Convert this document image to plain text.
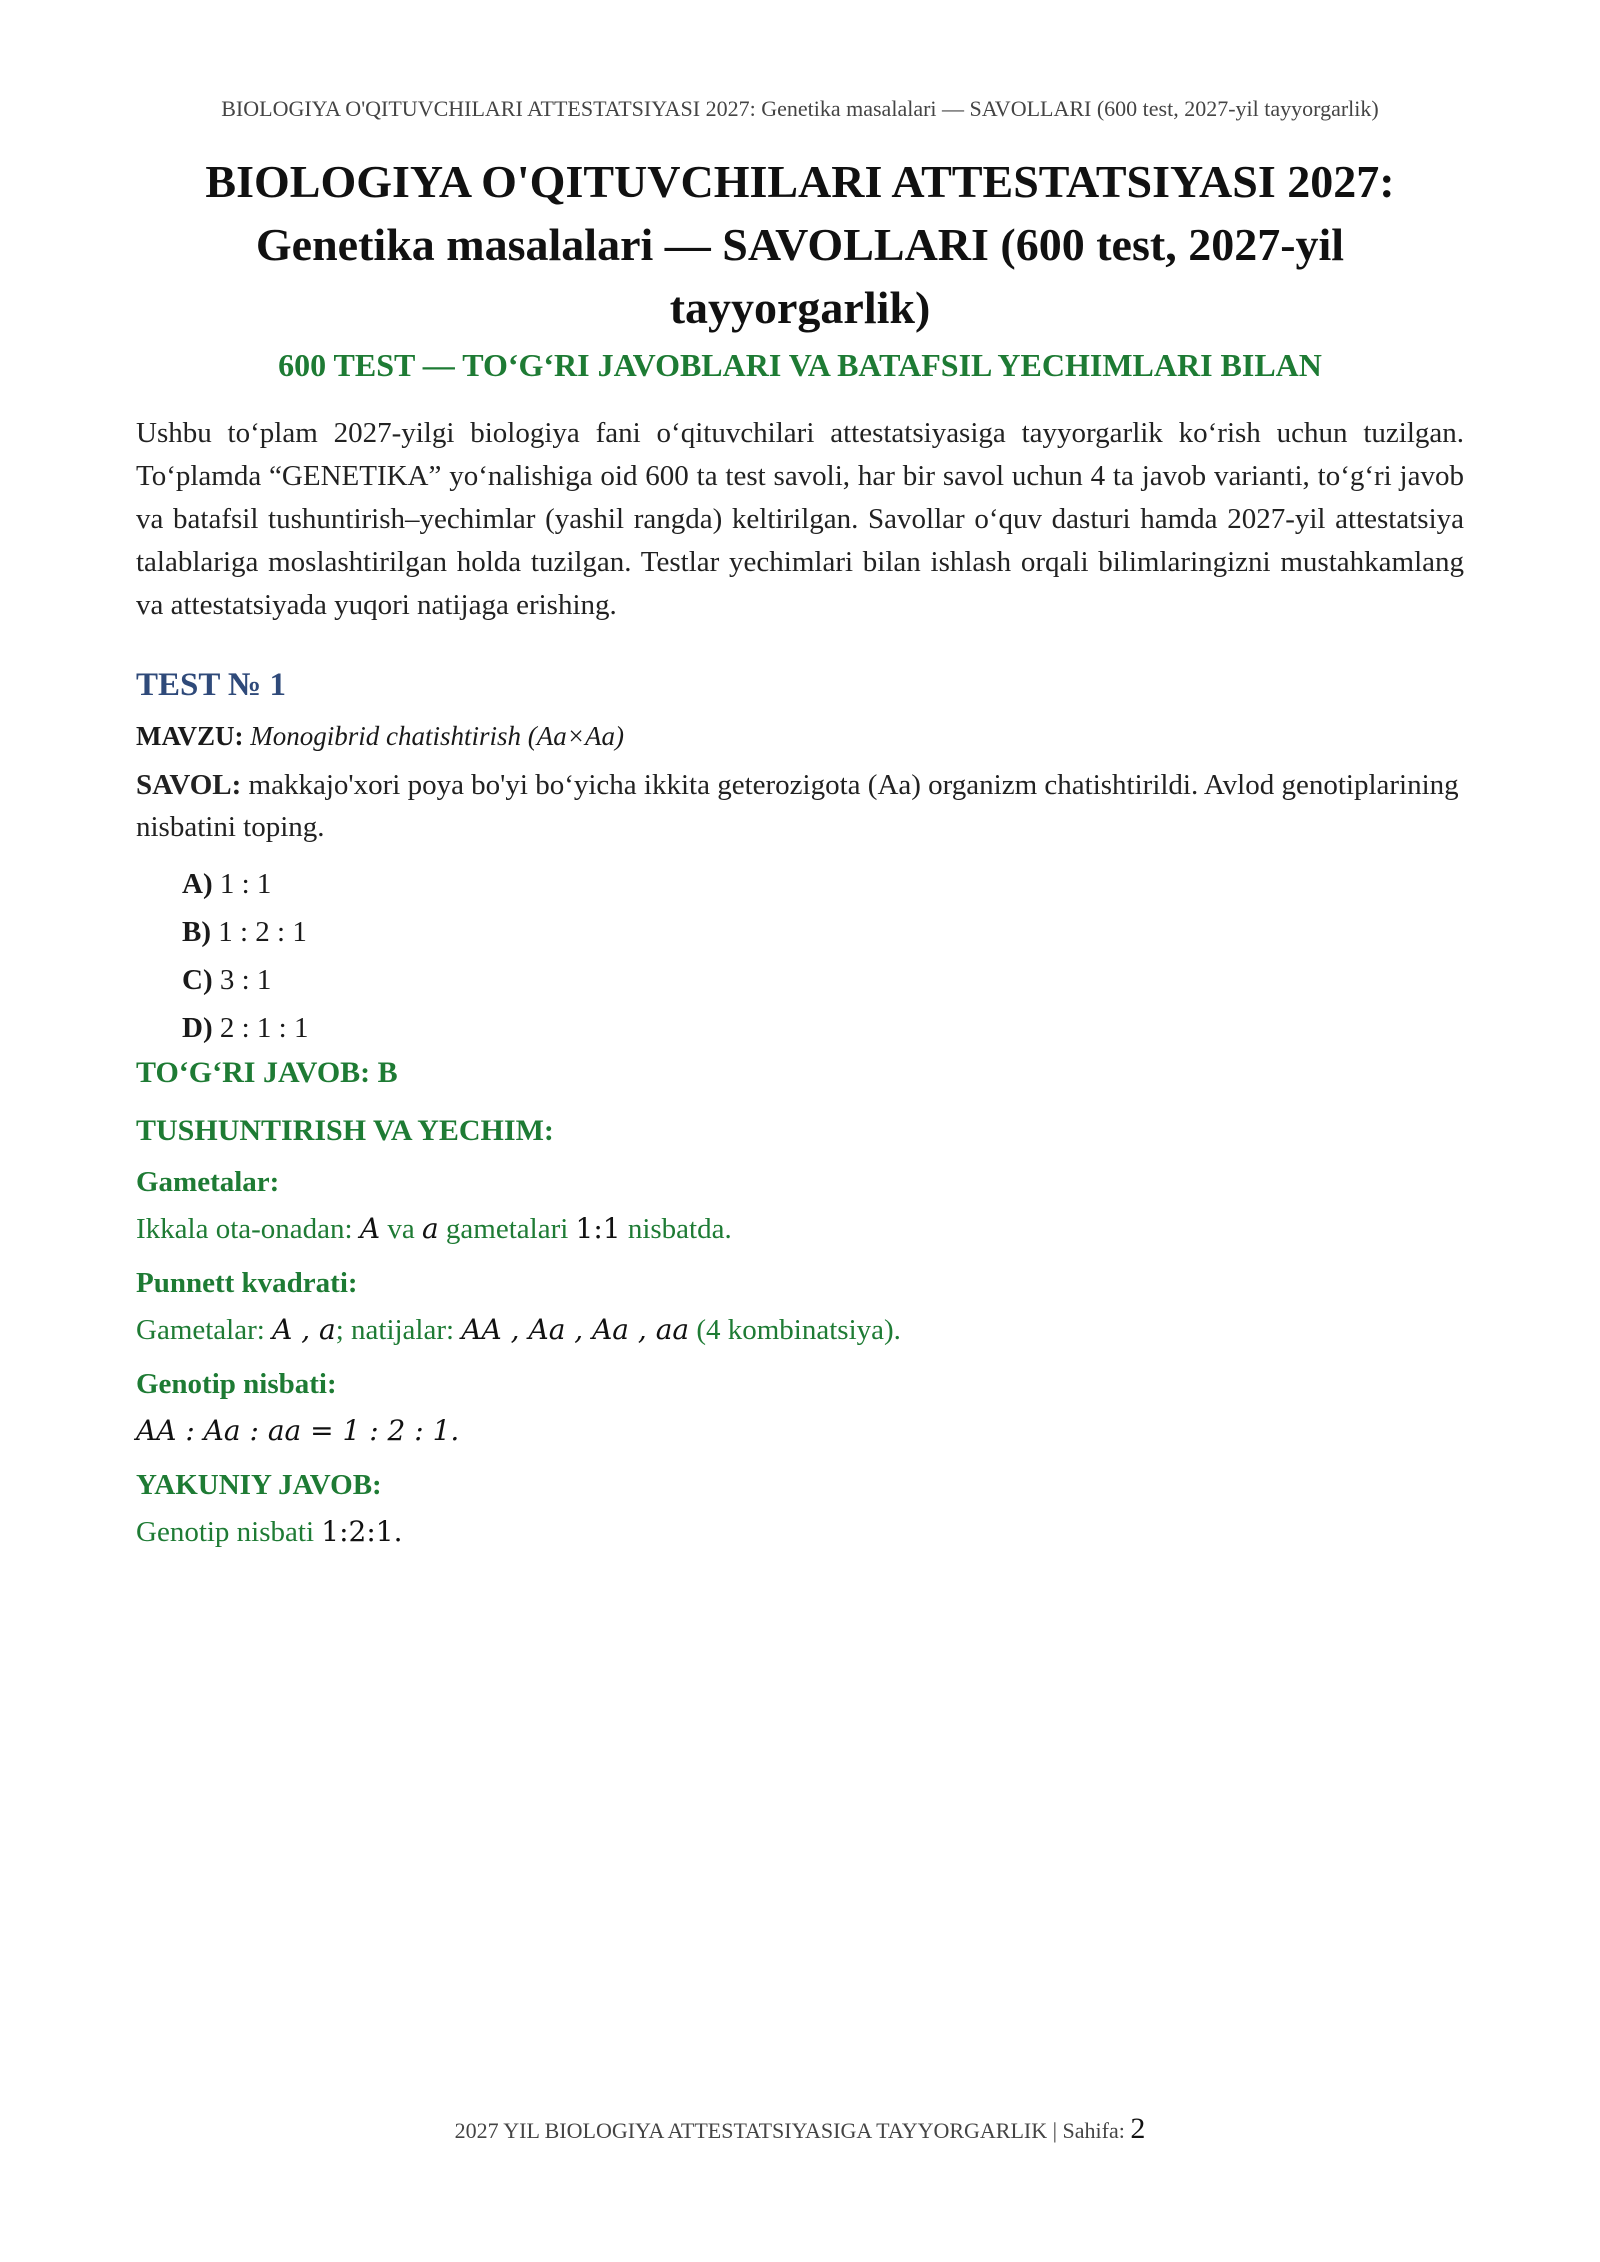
BIOLOGIYA O'QITUVCHILARI ATTESTATSIYASI 2027: Genetika masalalari — SAVOLLARI (600 test, 2027-yil tayyorgarlik)
BIOLOGIYA O'QITUVCHILARI ATTESTATSIYASI 2027:
Genetika masalalari — SAVOLLARI (600 test, 2027-yil
tayyorgarlik)
600 TEST — TO‘G‘RI JAVOBLARI VA BATAFSIL YECHIMLARI BILAN

Ushbu to‘plam 2027-yilgi biologiya fani o‘qituvchilari attestatsiyasiga tayyorgarlik ko‘rish uchun tuzilgan. To‘plamda “GENETIKA” yo‘nalishiga oid 600 ta test savoli, har bir savol uchun 4 ta javob varianti, to‘g‘ri javob va batafsil tushuntirish–yechimlar (yashil rangda) keltirilgan. Savollar o‘quv dasturi hamda 2027-yil attestatsiya talablariga moslashtirilgan holda tuzilgan. Testlar yechimlari bilan ishlash orqali bilimlaringizni mustahkamlang va attestatsiyada yuqori natijaga erishing.

TEST № 1

MAVZU: Monogibrid chatishtirish (Aa×Aa)

SAVOL: makkajo'xori poya bo'yi bo‘yicha ikkita geterozigota (Aa) organizm chatishtirildi. Avlod genotiplarining nisbatini toping.

A) 1 : 1
B) 1 : 2 : 1
C) 3 : 1
D) 2 : 1 : 1
TO‘G‘RI JAVOB: B
TUSHUNTIRISH VA YECHIM:
Gametalar:

Ikkala ota-onadan: A va a gametalari 1:1 nisbatda.

Punnett kvadrati:

Gametalar: A , a; natijalar: AA , Aa , Aa , aa (4 kombinatsiya).

Genotip nisbati:

AA : Aa : aa = 1 : 2 : 1.

YAKUNIY JAVOB:

Genotip nisbati 1:2:1.

2027 YIL BIOLOGIYA ATTESTATSIYASIGA TAYYORGARLIK | Sahifa: 2
